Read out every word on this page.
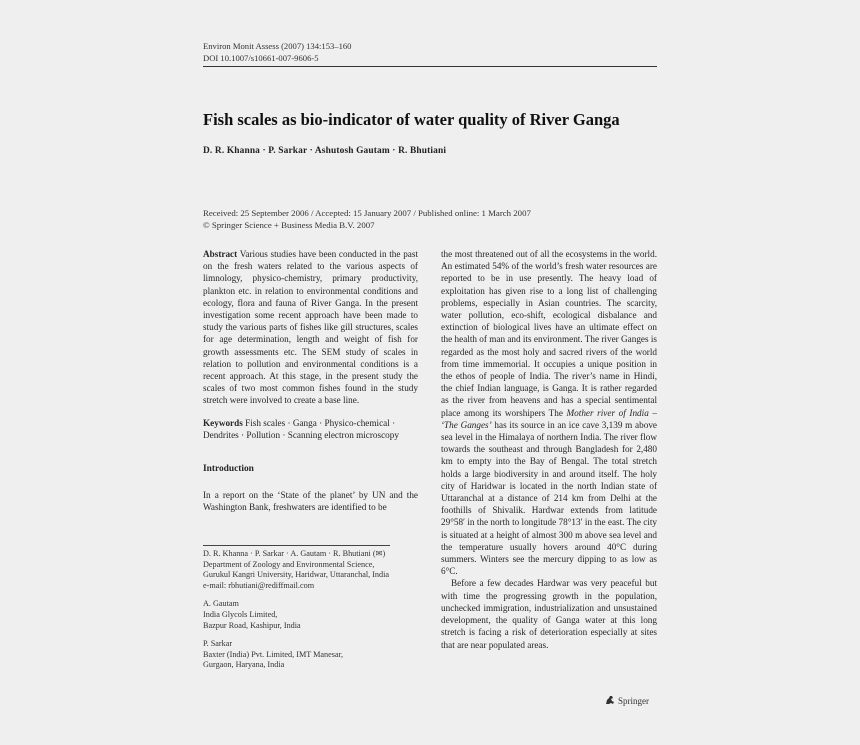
Environ Monit Assess (2007) 134:153–160
DOI 10.1007/s10661-007-9606-5
Fish scales as bio-indicator of water quality of River Ganga
D. R. Khanna · P. Sarkar · Ashutosh Gautam · R. Bhutiani
Received: 25 September 2006 / Accepted: 15 January 2007 / Published online: 1 March 2007
© Springer Science + Business Media B.V. 2007

Abstract Various studies have been conducted in the past on the fresh waters related to the various aspects of limnology, physico-chemistry, primary productivity, plankton etc. in relation to environmental conditions and ecology, flora and fauna of River Ganga. In the present investigation some recent approach have been made to study the various parts of fishes like gill structures, scales for age determination, length and weight of fish for growth assessments etc. The SEM study of scales in relation to pollution and environmental conditions is a recent approach. At this stage, in the present study the scales of two most common fishes found in the study stretch were involved to create a base line.

Keywords Fish scales · Ganga · Physico-chemical · Dendrites · Pollution · Scanning electron microscopy

Introduction

In a report on the ‘State of the planet’ by UN and the Washington Bank, freshwaters are identified to be

D. R. Khanna · P. Sarkar · A. Gautam · R. Bhutiani (✉)

Department of Zoology and Environmental Science,

Gurukul Kangri University, Haridwar, Uttaranchal, India

e-mail: rbhutiani@rediffmail.com

A. Gautam

India Glycols Limited,

Bazpur Road, Kashipur, India

P. Sarkar

Baxter (India) Pvt. Limited, IMT Manesar,

Gurgaon, Haryana, India

the most threatened out of all the ecosystems in the world. An estimated 54% of the world’s fresh water resources are reported to be in use presently. The heavy load of exploitation has given rise to a long list of challenging problems, especially in Asian countries. The scarcity, water pollution, eco-shift, ecological disbalance and extinction of biological lives have an ultimate effect on the health of man and its environment. The river Ganges is regarded as the most holy and sacred rivers of the world from time immemorial. It occupies a unique position in the ethos of people of India. The river’s name in Hindi, the chief Indian language, is Ganga. It is rather regarded as the river from heavens and has a special sentimental place among its worshipers The Mother river of India – ‘The Ganges’ has its source in an ice cave 3,139 m above sea level in the Himalaya of northern India. The river flow towards the southeast and through Bangladesh for 2,480 km to empty into the Bay of Bengal. The total stretch holds a large biodiversity in and around itself. The holy city of Haridwar is located in the north Indian state of Uttaranchal at a distance of 214 km from Delhi at the foothills of Shivalik. Hardwar extends from latitude 29°58′ in the north to longitude 78°13′ in the east. The city is situated at a height of almost 300 m above sea level and the temperature usually hovers around 40°C during summers. Winters see the mercury dipping to as low as 6°C.

Before a few decades Hardwar was very peaceful but with time the progressing growth in the population, unchecked immigration, industrialization and unsustained development, the quality of Ganga water at this long stretch is facing a risk of deterioration especially at sites that are near populated areas.

Springer
